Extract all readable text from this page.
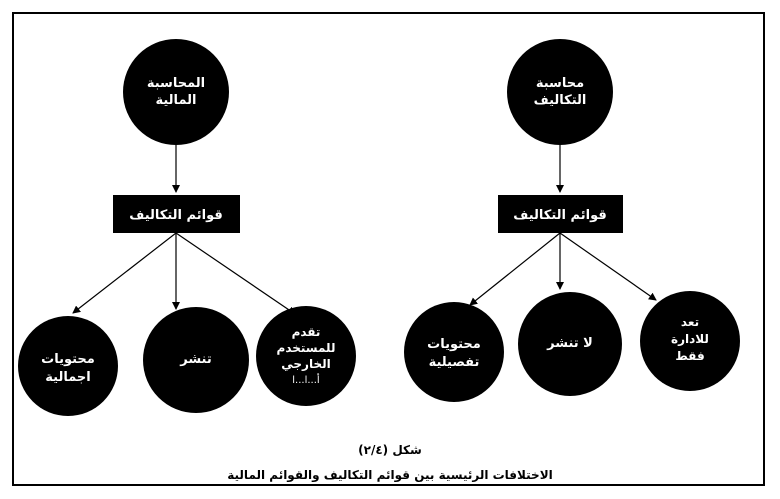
المحاسبة
المالية
قوائم التكاليف
محتويات
اجمالية
تنشر
تقدم
للمستخدم
الخارجي
أ...ا...ا
محاسبة
التكاليف
قوائم التكاليف
محتويات
تفصيلية
لا تنشر
تعد
للادارة
فقط
شكل (٢/٤)
الاختلافات الرئيسية بين قوائم التكاليف والقوائم المالية
